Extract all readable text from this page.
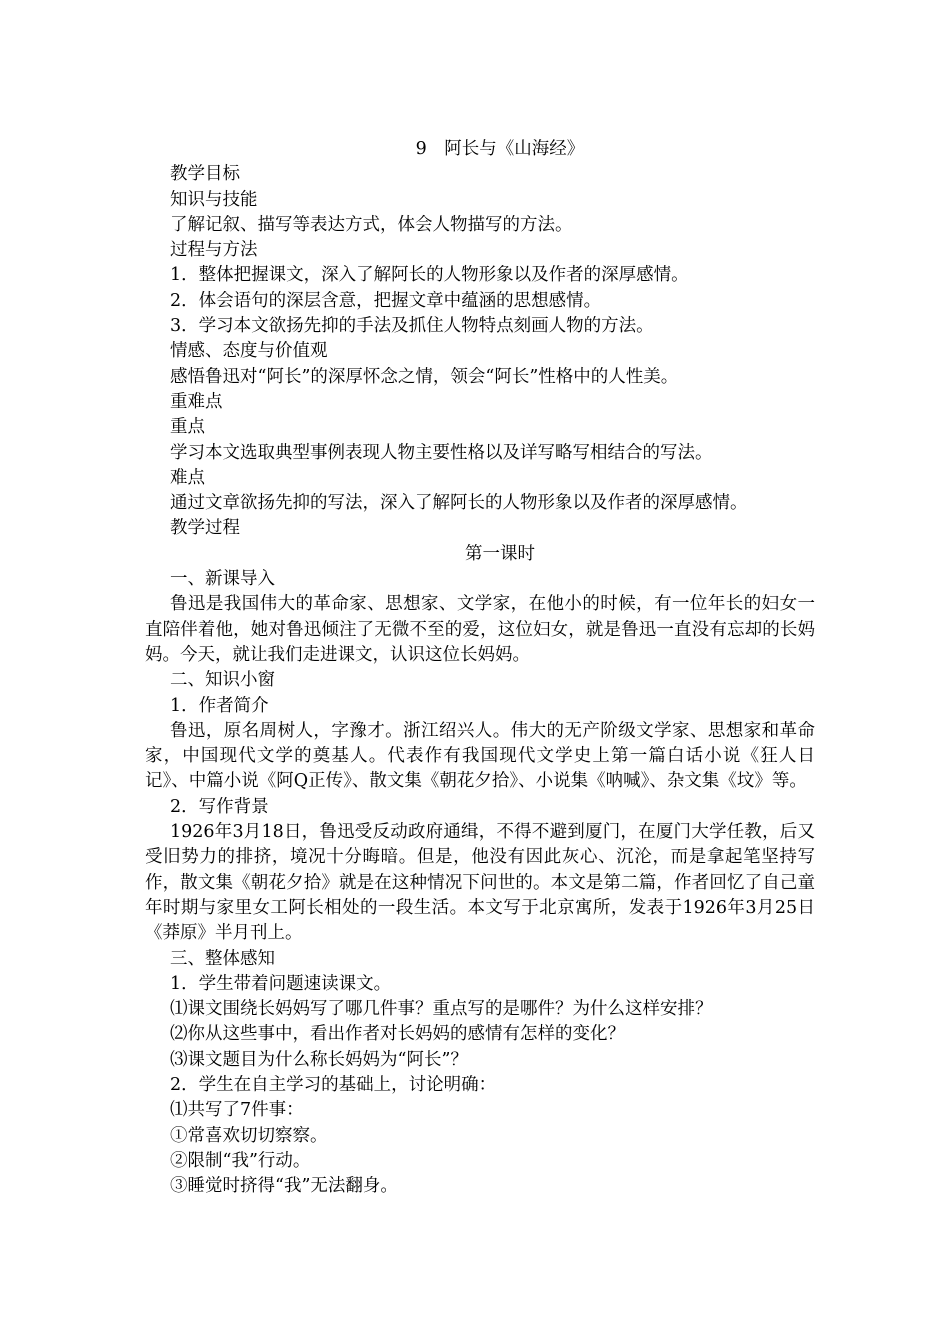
9　阿长与《山海经》
教学目标
知识与技能
了解记叙、描写等表达方式，体会人物描写的方法。
过程与方法
1．整体把握课文，深入了解阿长的人物形象以及作者的深厚感情。
2．体会语句的深层含意，把握文章中蕴涵的思想感情。
3．学习本文欲扬先抑的手法及抓住人物特点刻画人物的方法。
情感、态度与价值观
感悟鲁迅对“阿长”的深厚怀念之情，领会“阿长”性格中的人性美。
重难点
重点
学习本文选取典型事例表现人物主要性格以及详写略写相结合的写法。
难点
通过文章欲扬先抑的写法，深入了解阿长的人物形象以及作者的深厚感情。
教学过程
第一课时
一、新课导入
鲁迅是我国伟大的革命家、思想家、文学家，在他小的时候，有一位年长的妇女一直陪伴着他，她对鲁迅倾注了无微不至的爱，这位妇女，就是鲁迅一直没有忘却的长妈妈。今天，就让我们走进课文，认识这位长妈妈。
二、知识小窗
1．作者简介
鲁迅，原名周树人，字豫才。浙江绍兴人。伟大的无产阶级文学家、思想家和革命家，中国现代文学的奠基人。代表作有我国现代文学史上第一篇白话小说《狂人日记》、中篇小说《阿Q正传》、散文集《朝花夕拾》、小说集《呐喊》、杂文集《坟》等。
2．写作背景
1926年3月18日，鲁迅受反动政府通缉，不得不避到厦门，在厦门大学任教，后又受旧势力的排挤，境况十分晦暗。但是，他没有因此灰心、沉沦，而是拿起笔坚持写作，散文集《朝花夕拾》就是在这种情况下问世的。本文是第二篇，作者回忆了自己童年时期与家里女工阿长相处的一段生活。本文写于北京寓所，发表于1926年3月25日《莽原》半月刊上。
三、整体感知
1．学生带着问题速读课文。
⑴课文围绕长妈妈写了哪几件事？重点写的是哪件？为什么这样安排？
⑵你从这些事中，看出作者对长妈妈的感情有怎样的变化？
⑶课文题目为什么称长妈妈为“阿长”？
2．学生在自主学习的基础上，讨论明确：
⑴共写了7件事：
①常喜欢切切察察。
②限制“我”行动。
③睡觉时挤得“我”无法翻身。
